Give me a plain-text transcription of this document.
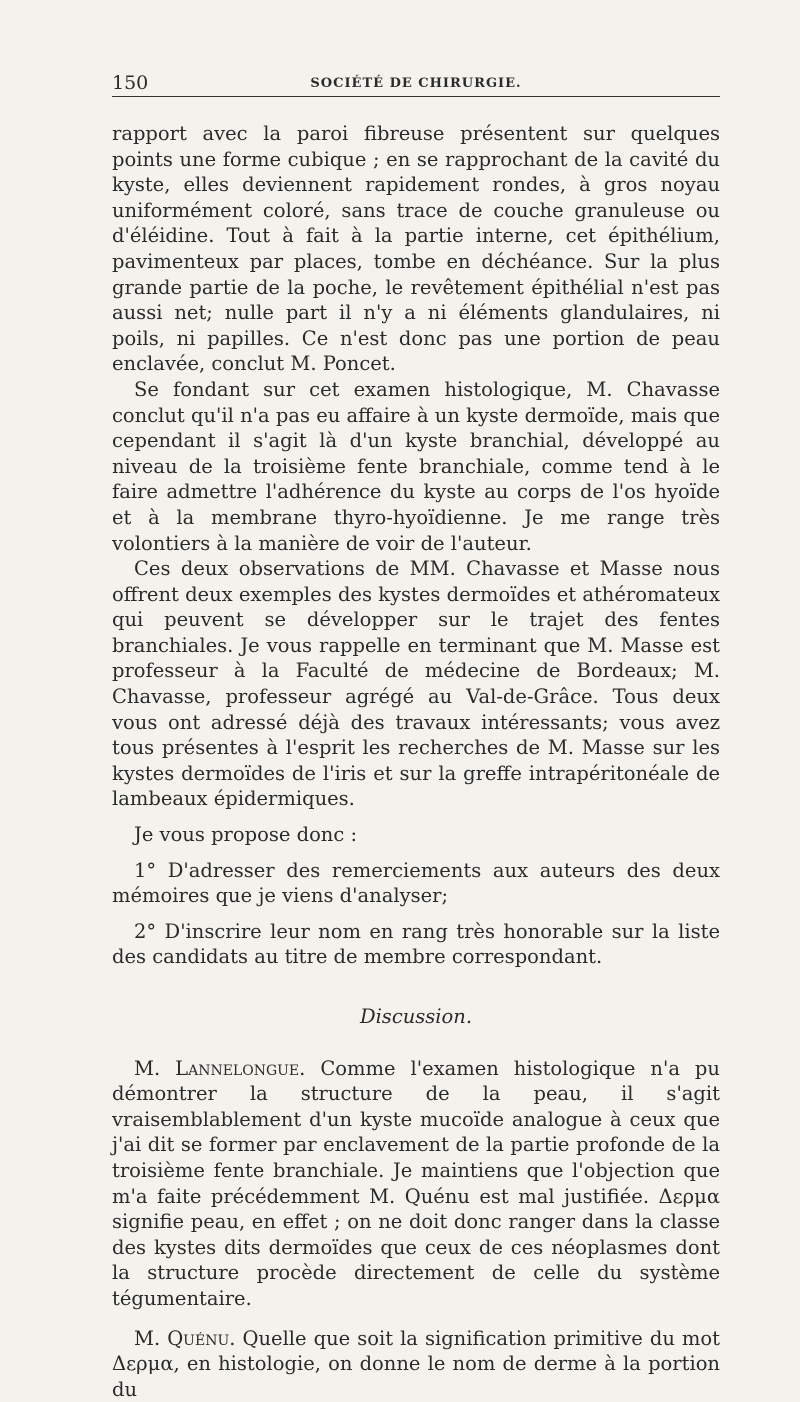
150	SOCIÉTÉ DE CHIRURGIE.

rapport avec la paroi fibreuse présentent sur quelques points une forme cubique ; en se rapprochant de la cavité du kyste, elles deviennent rapidement rondes, à gros noyau uniformément coloré, sans trace de couche granuleuse ou d'éléidine. Tout à fait à la partie interne, cet épithélium, pavimenteux par places, tombe en déchéance. Sur la plus grande partie de la poche, le revêtement épithélial n'est pas aussi net; nulle part il n'y a ni éléments glandulaires, ni poils, ni papilles. Ce n'est donc pas une portion de peau enclavée, conclut M. Poncet.

Se fondant sur cet examen histologique, M. Chavasse conclut qu'il n'a pas eu affaire à un kyste dermoïde, mais que cependant il s'agit là d'un kyste branchial, développé au niveau de la troisième fente branchiale, comme tend à le faire admettre l'adhérence du kyste au corps de l'os hyoïde et à la membrane thyro-hyoïdienne. Je me range très volontiers à la manière de voir de l'auteur.

Ces deux observations de MM. Chavasse et Masse nous offrent deux exemples des kystes dermoïdes et athéromateux qui peuvent se développer sur le trajet des fentes branchiales. Je vous rappelle en terminant que M. Masse est professeur à la Faculté de médecine de Bordeaux; M. Chavasse, professeur agrégé au Val-de-Grâce. Tous deux vous ont adressé déjà des travaux intéressants; vous avez tous présentes à l'esprit les recherches de M. Masse sur les kystes dermoïdes de l'iris et sur la greffe intrapéritonéale de lambeaux épidermiques.

Je vous propose donc :

1° D'adresser des remerciements aux auteurs des deux mémoires que je viens d'analyser;

2° D'inscrire leur nom en rang très honorable sur la liste des candidats au titre de membre correspondant.

Discussion.

M. Lannelongue. Comme l'examen histologique n'a pu démontrer la structure de la peau, il s'agit vraisemblablement d'un kyste mucoïde analogue à ceux que j'ai dit se former par enclavement de la partie profonde de la troisième fente branchiale. Je maintiens que l'objection que m'a faite précédemment M. Quénu est mal justifiée. Δερμα signifie peau, en effet ; on ne doit donc ranger dans la classe des kystes dits dermoïdes que ceux de ces néoplasmes dont la structure procède directement de celle du système tégumentaire.

M. Quénu. Quelle que soit la signification primitive du mot Δερμα, en histologie, on donne le nom de derme à la portion du
